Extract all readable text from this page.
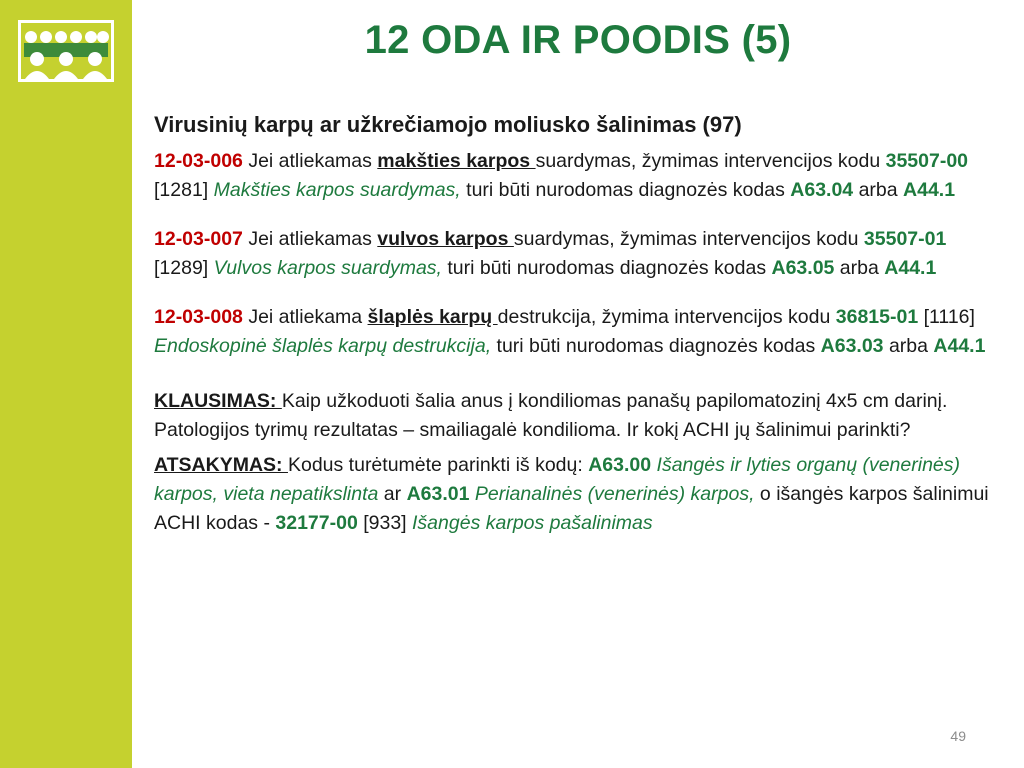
12 ODA IR POODIS (5)
Virusinių karpų ar užkrečiamojo moliusko šalinimas (97)

12-03-006 Jei atliekamas makšties karpos suardymas, žymimas intervencijos kodu 35507-00 [1281] Makšties karpos suardymas, turi būti nurodomas diagnozės kodas A63.04 arba A44.1

12-03-007 Jei atliekamas vulvos karpos suardymas, žymimas intervencijos kodu 35507-01 [1289] Vulvos karpos suardymas, turi būti nurodomas diagnozės kodas A63.05 arba A44.1

12-03-008 Jei atliekama šlaplės karpų destrukcija, žymima intervencijos kodu 36815-01 [1116] Endoskopinė šlaplės karpų destrukcija, turi būti nurodomas diagnozės kodas A63.03 arba A44.1

KLAUSIMAS: Kaip užkoduoti šalia anus į kondiliomas panašų papilomatozinį 4x5 cm darinį. Patologijos tyrimų rezultatas – smailiagalė kondilioma. Ir kokį ACHI jų šalinimui parinkti?

ATSAKYMAS: Kodus turėtumėte parinkti iš kodų: A63.00 Išangės ir lyties organų (venerinės) karpos, vieta nepatikslinta ar A63.01 Perianalinės (venerinės) karpos, o išangės karpos šalinimui ACHI kodas - 32177-00 [933] Išangės karpos pašalinimas

49
